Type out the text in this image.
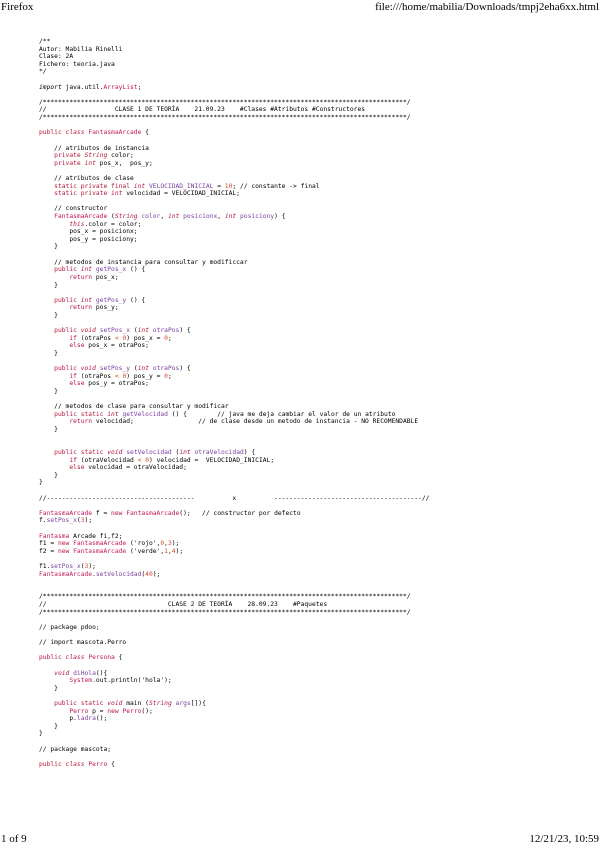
Firefox	file:///home/mabilia/Downloads/tmpj2eha6xx.html
/**
Autor: Mabilia Rinelli
Clase: 2A
Fichero: teoria.java
*/
import java.util.ArrayList;
/************************************************************************************************/
//                  CLASE 1 DE TEORÍA    21.09.23    #Clases #Atributos #Constructores
/************************************************************************************************/
public class FantasmaArcade {
// atributos de instancia
private String color;
private int pos_x,  pos_y;
// atributos de clase
static private final int VELOCIDAD_INICIAL = 10; // constante -> final
static private int velocidad = VELOCIDAD_INICIAL;
// constructor
FantasmaArcade (String color, int posicionx, int posiciony) {
this.color = color;
pos_x = posicionx;
pos_y = posiciony;
}
// metodos de instancia para consultar y modificcar
public int getPos_x () {
return pos_x;
}
public int getPos_y () {
return pos_y;
}
public void setPos_x (int otraPos) {
if (otraPos < 0) pos_x = 0;
else pos_x = otraPos;
}
public void setPos_y (int otraPos) {
if (otraPos < 0) pos_y = 0;
else pos_y = otraPos;
}
// metodos de clase para consultar y modificar
public static int getVelocidad () {        // java me deja cambiar el valor de un atributo
return velocidad;                 // de clase desde un metodo de instancia - NO RECOMENDABLE
}
public static void setVelocidad (int otraVelocidad) {
if (otraVelocidad < 0) velocidad =  VELOCIDAD_INICIAL;
else velocidad = otraVelocidad;
}
}
//---------------------------------------          x          ---------------------------------------//
FantasmaArcade f = new FantasmaArcade();   // constructor por defecto
f.setPos_x(3);
Fantasma Arcade fi,f2;
f1 = new FantasmaArcade ('rojo',0,3);
f2 = new FantasmaArcade ('verde',1,4);
f1.setPos_x(3);
FantasmaArcade.setVelocidad(40);
/************************************************************************************************/
//                                CLASE 2 DE TEORÍA    28.09.23    #Paquetes
/************************************************************************************************/
// package pdoo;
// import mascota.Perro
public class Persona {
void diHola(){
System.out.println('hola');
}
public static void main (String args[]){
Perro p = new Perro();
p.ladra();
}
}
// package mascota;
public class Perro {
1 of 9	12/21/23, 10:59
